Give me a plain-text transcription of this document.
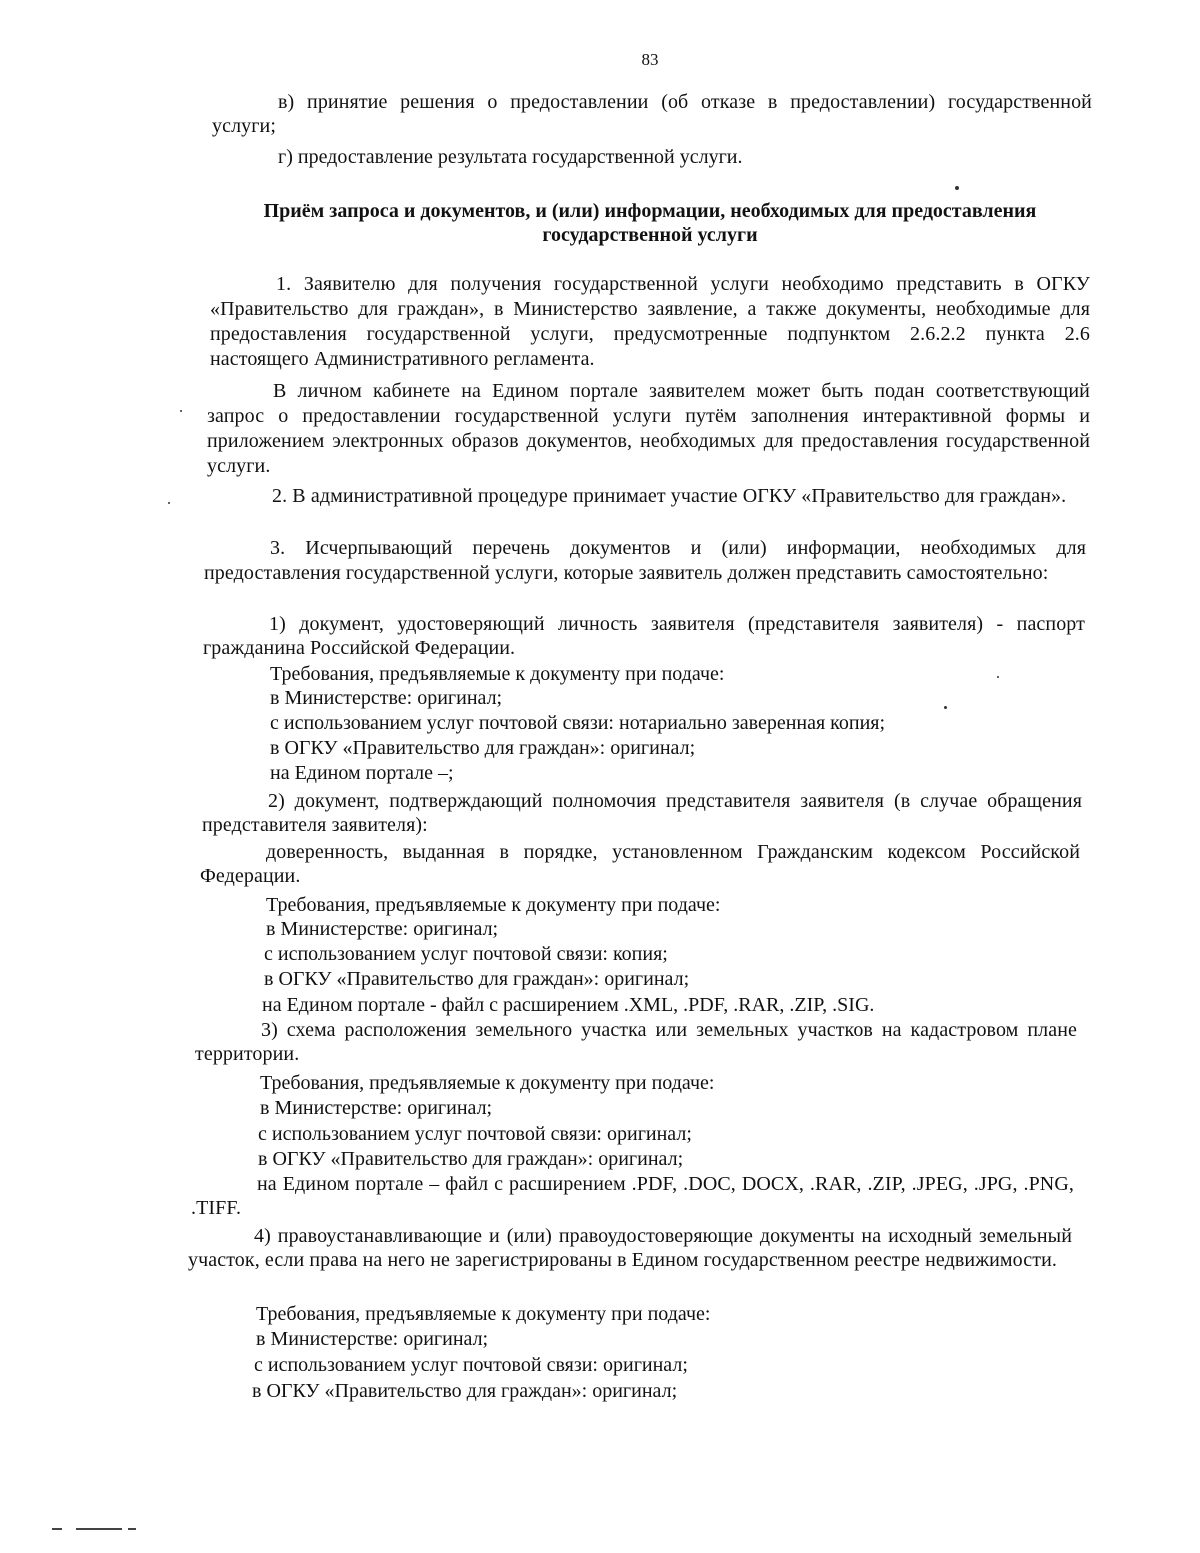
83
в) принятие решения о предоставлении (об отказе в предоставлении) государственной услуги;
г) предоставление результата государственной услуги.
Приём запроса и документов, и (или) информации, необходимых для предоставления государственной услуги
1. Заявителю для получения государственной услуги необходимо представить в ОГКУ «Правительство для граждан», в Министерство заявление, а также документы, необходимые для предоставления государственной услуги, предусмотренные подпунктом 2.6.2.2 пункта 2.6 настоящего Административного регламента.
В личном кабинете на Едином портале заявителем может быть подан соответствующий запрос о предоставлении государственной услуги путём заполнения интерактивной формы и приложением электронных образов документов, необходимых для предоставления государственной услуги.
2. В административной процедуре принимает участие ОГКУ «Правительство для граждан».
3. Исчерпывающий перечень документов и (или) информации, необходимых для предоставления государственной услуги, которые заявитель должен представить самостоятельно:
1) документ, удостоверяющий личность заявителя (представителя заявителя) - паспорт гражданина Российской Федерации.
Требования, предъявляемые к документу при подаче:
в Министерстве: оригинал;
с использованием услуг почтовой связи: нотариально заверенная копия;
в ОГКУ «Правительство для граждан»: оригинал;
на Едином портале –;
2) документ, подтверждающий полномочия представителя заявителя (в случае обращения представителя заявителя):
доверенность, выданная в порядке, установленном Гражданским кодексом Российской Федерации.
Требования, предъявляемые к документу при подаче:
в Министерстве: оригинал;
с использованием услуг почтовой связи: копия;
в ОГКУ «Правительство для граждан»: оригинал;
на Едином портале - файл с расширением .XML, .PDF, .RAR, .ZIP, .SIG.
3) схема расположения земельного участка или земельных участков на кадастровом плане территории.
Требования, предъявляемые к документу при подаче:
в Министерстве: оригинал;
с использованием услуг почтовой связи: оригинал;
в ОГКУ «Правительство для граждан»: оригинал;
на Едином портале – файл с расширением .PDF, .DOC, DOCX, .RAR, .ZIP, .JPEG, .JPG, .PNG, .TIFF.
4) правоустанавливающие и (или) правоудостоверяющие документы на исходный земельный участок, если права на него не зарегистрированы в Едином государственном реестре недвижимости.
Требования, предъявляемые к документу при подаче:
в Министерстве: оригинал;
с использованием услуг почтовой связи: оригинал;
в ОГКУ «Правительство для граждан»: оригинал;
